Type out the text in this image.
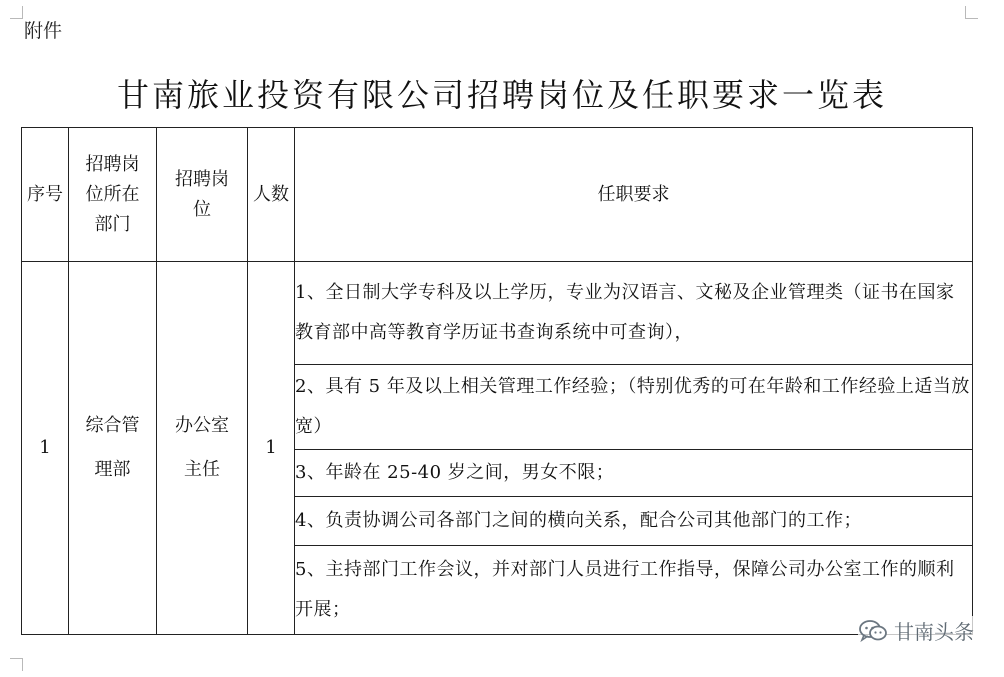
附件
甘南旅业投资有限公司招聘岗位及任职要求一览表
序号	招聘岗位所在部门	招聘岗位	人数	任职要求
1	综合管理部	办公室主任	1	1、全日制大学专科及以上学历，专业为汉语言、文秘及企业管理类（证书在国家教育部中高等教育学历证书查询系统中可查询），
				2、具有 5 年及以上相关管理工作经验；（特别优秀的可在年龄和工作经验上适当放宽）
				3、年龄在 25-40 岁之间，男女不限；
				4、负责协调公司各部门之间的横向关系，配合公司其他部门的工作；
				5、主持部门工作会议，并对部门人员进行工作指导，保障公司办公室工作的顺利开展；
甘南头条
